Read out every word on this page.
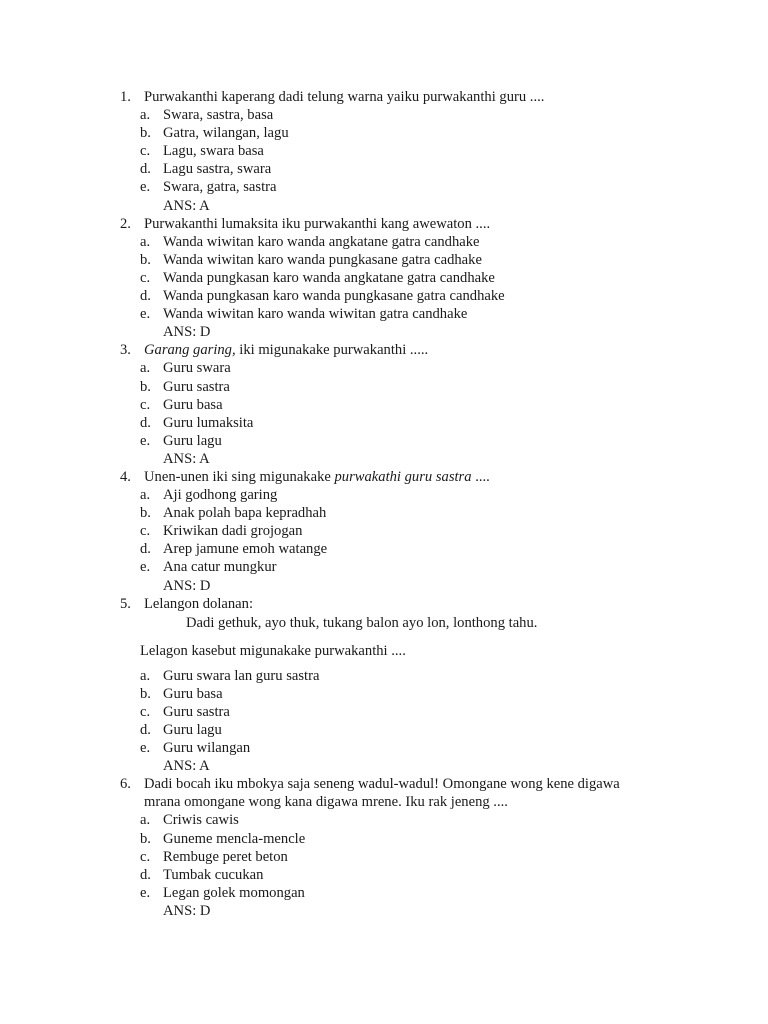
1. Purwakanthi kaperang dadi telung warna yaiku purwakanthi guru ....
a. Swara, sastra, basa
b. Gatra, wilangan, lagu
c. Lagu, swara basa
d. Lagu sastra, swara
e. Swara, gatra, sastra
ANS: A
2. Purwakanthi lumaksita iku purwakanthi kang awewaton ....
a. Wanda wiwitan karo wanda angkatane gatra candhake
b. Wanda wiwitan karo wanda pungkasane gatra cadhake
c. Wanda pungkasan karo wanda angkatane gatra candhake
d. Wanda pungkasan karo wanda pungkasane gatra candhake
e. Wanda wiwitan karo wanda wiwitan gatra candhake
ANS: D
3. Garang garing, iki migunakake purwakanthi .....
a. Guru swara
b. Guru sastra
c. Guru basa
d. Guru lumaksita
e. Guru lagu
ANS: A
4. Unen-unen iki sing migunakake purwakathi guru sastra ....
a. Aji godhong garing
b. Anak polah bapa kepradhah
c. Kriwikan dadi grojogan
d. Arep jamune emoh watange
e. Ana catur mungkur
ANS: D
5. Lelangon dolanan:
Dadi gethuk, ayo thuk, tukang balon ayo lon, lonthong tahu.
Lelagon kasebut migunakake purwakanthi ....
a. Guru swara lan guru sastra
b. Guru basa
c. Guru sastra
d. Guru lagu
e. Guru wilangan
ANS: A
6. Dadi bocah iku mbokya saja seneng wadul-wadul! Omongane wong kene digawa
mrana omongane wong kana digawa mrene. Iku rak jeneng ....
a. Criwis cawis
b. Guneme mencla-mencle
c. Rembuge peret beton
d. Tumbak cucukan
e. Legan golek momongan
ANS: D
